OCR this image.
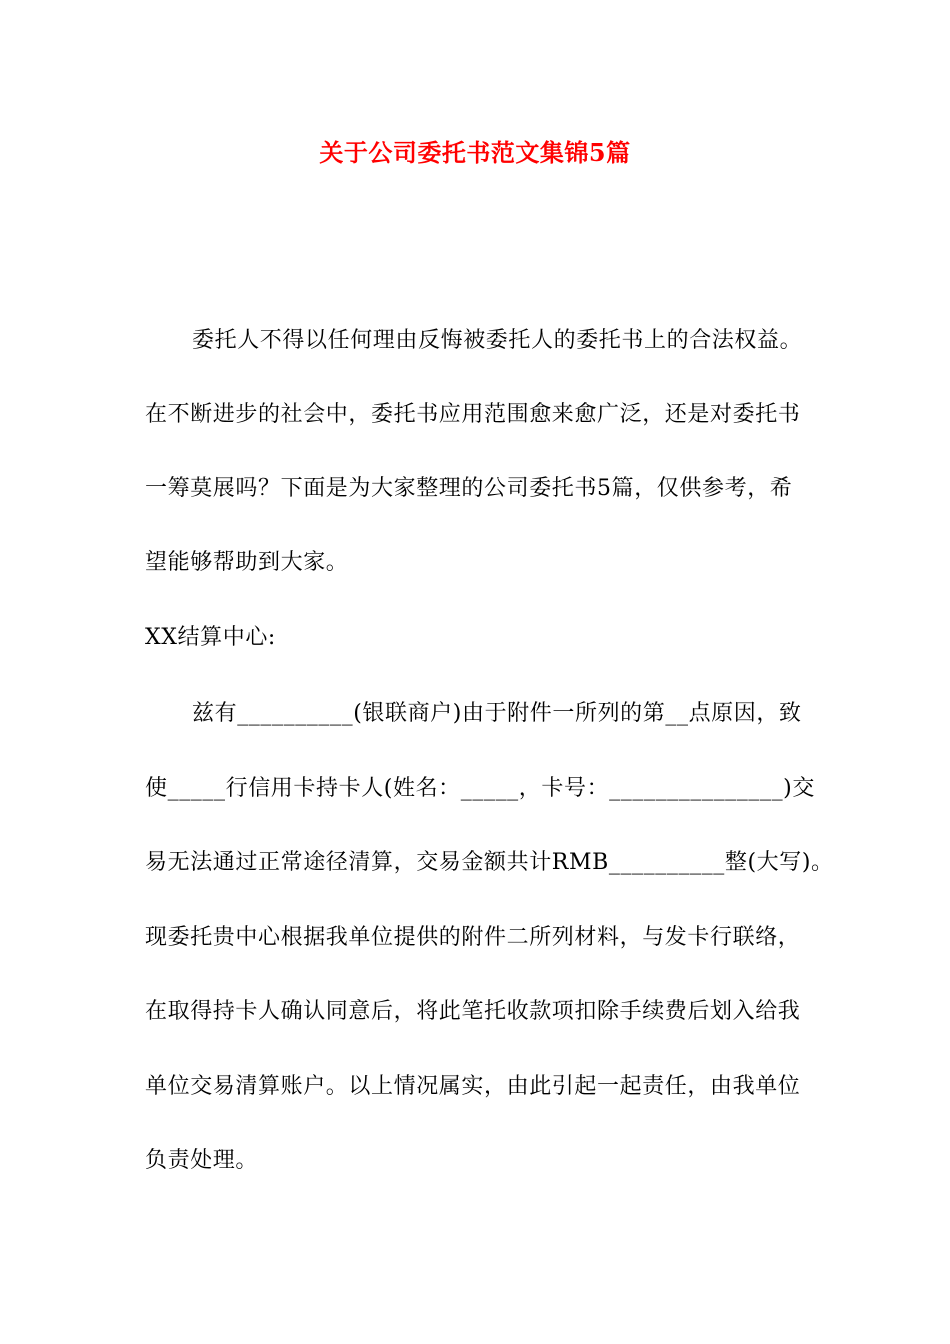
关于公司委托书范文集锦5篇
委托人不得以任何理由反悔被委托人的委托书上的合法权益。
在不断进步的社会中，委托书应用范围愈来愈广泛，还是对委托书
一筹莫展吗？下面是为大家整理的公司委托书5篇，仅供参考，希
望能够帮助到大家。
XX结算中心:
兹有__________(银联商户)由于附件一所列的第__点原因，致
使_____行信用卡持卡人(姓名：_____，卡号：_______________)交
易无法通过正常途径清算，交易金额共计RMB__________整(大写)。
现委托贵中心根据我单位提供的附件二所列材料，与发卡行联络，
在取得持卡人确认同意后，将此笔托收款项扣除手续费后划入给我
单位交易清算账户。以上情况属实，由此引起一起责任，由我单位
负责处理。
